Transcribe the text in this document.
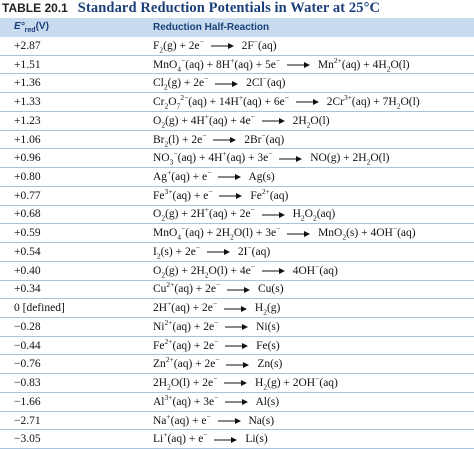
TABLE 20.1 Standard Reduction Potentials in Water at 25°C
$E^\circ_{red}(V)$	Reduction Half-Reaction
+2.87	$F_2(g) + 2e^- \to 2F^-(aq)$
+1.51	$MnO_4^-(aq) + 8H^+(aq) + 5e^- \to Mn^{2+}(aq) + 4H_2O(l)$
+1.36	$Cl_2(g) + 2e^- \to 2Cl^-(aq)$
+1.33	$Cr_2O_7^{2-}(aq) + 14H^+(aq) + 6e^- \to 2Cr^{3+}(aq) + 7H_2O(l)$
+1.23	$O_2(g) + 4H^+(aq) + 4e^- \to 2H_2O(l)$
+1.06	$Br_2(l) + 2e^- \to 2Br^-(aq)$
+0.96	$NO_3^-(aq) + 4H^+(aq) + 3e^- \to NO(g) + 2H_2O(l)$
+0.80	Ag+(aq) + e− → Ag(s)
+0.77	$Fe^{3+}(aq) + e^- \to Fe^{2+}(aq)$
+0.68	$O_2(g) + 2H^+(aq) + 2e^- \to H_2O_2(aq)$
+0.59	$MnO_4^-(aq) + 2H_2O(l) + 3e^- \to MnO_2(s) + 4OH^-(aq)$
+0.54	$I_2(s) + 2e^- \to 2I^-(aq)$
+0.40	$O_2(g) + 2H_2O(l) + 4e^- \to 4OH^-(aq)$
+0.34	$Cu^{2+}(aq) + 2e^- \to Cu(s)$
0 [defined]	$2H^+(aq) + 2e^- \to H_2(g)$
−0.28	$Ni^{2+}(aq) + 2e^- \to Ni(s)$
−0.44	$Fe^{2+}(aq) + 2e^- \to Fe(s)$
−0.76	$Zn^{2+}(aq) + 2e^- \to Zn(s)$
−0.83	$2H_2O(l) + 2e^- \to H_2(g) + 2OH^-(aq)$
−1.66	$Al^{3+}(aq) + 3e^- \to Al(s)$
−2.71	Na+(aq) + e− → Na(s)
−3.05	Li+(aq) + e− → Li(s)
